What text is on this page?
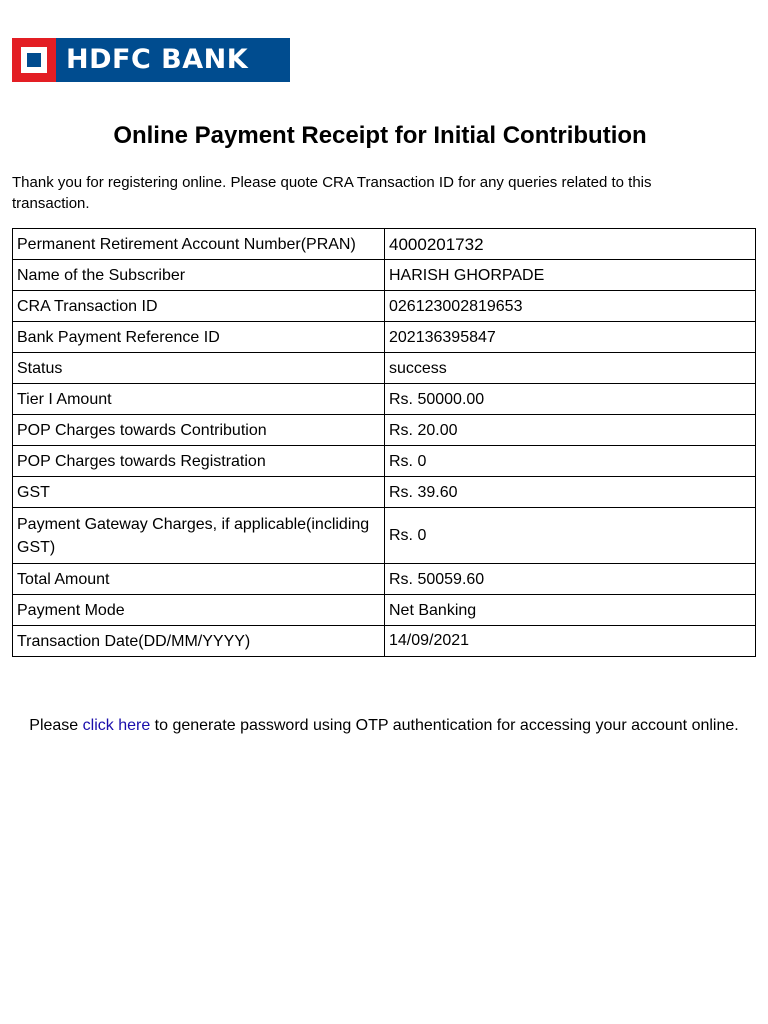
HDFC BANK
Online Payment Receipt for Initial Contribution

Thank you for registering online. Please quote CRA Transaction ID for any queries related to this transaction.

Permanent Retirement Account Number(PRAN)	4000201732
Name of the Subscriber	HARISH GHORPADE
CRA Transaction ID	026123002819653
Bank Payment Reference ID	202136395847
Status	success
Tier I Amount	Rs. 50000.00
POP Charges towards Contribution	Rs. 20.00
POP Charges towards Registration	Rs. 0
GST	Rs. 39.60
Payment Gateway Charges, if applicable(incliding GST)	Rs. 0
Total Amount	Rs. 50059.60
Payment Mode	Net Banking
Transaction Date(DD/MM/YYYY)	14/09/2021

Please click here to generate password using OTP authentication for accessing your account online.
